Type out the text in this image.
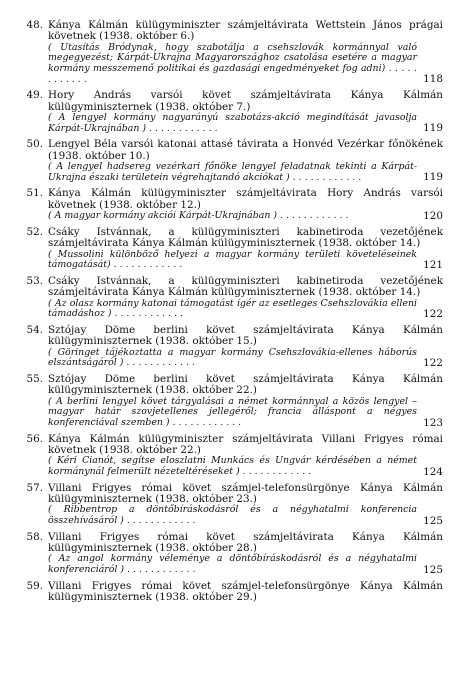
48. Kánya Kálmán külügyminiszter számjeltávirata Wettstein János prágai követnek (1938. október 6.)
( Utasítás Bródynak, hogy szabotálja a csehszlovák kormánnyal való megegyezést; Kárpát-Ukrajna Magyarországhoz csatolása esetére a magyar kormány messzemenő politikai és gazdasági engedményeket fog adni) . . . . . . . . . . . .	118
49. Hory András varsói követ számjeltávirata Kánya Kálmán külügyminiszternek (1938. október 7.)
( A lengyel kormány nagyarányú szabotázs-akció megindítását javasolja Kárpát-Ukrajnában ) . . . . . . . . . . . .	119
50. Lengyel Béla varsói katonai attasé távirata a Honvéd Vezérkar főnökének (1938. október 10.)
( A lengyel hadsereg vezérkari főnöke lengyel feladatnak tekinti a Kárpát-Ukrajna északi területein végrehajtandó akciókat ) . . . . . . . . . . . .	119
51. Kánya Kálmán külügyminiszter számjeltávirata Hory András varsói követnek (1938. október 12.)
( A magyar kormány akciói Kárpát-Ukrajnában ) . . . . . . . . . . . .	120
52. Csáky Istvánnak, a külügyminiszteri kabinetiroda vezetőjének számjeltávirata Kánya Kálmán külügyminiszternek (1938. október 14.)
( Mussolini különböző helyezi a magyar kormány területi követeléseinek támogatását) . . . . . . . . . . . .	121
53. Csáky Istvánnak, a külügyminiszteri kabinetiroda vezetőjének számjeltávirata Kánya Kálmán külügyminiszternek (1938. október 14.)
( Az olasz kormány katonai támogatást ígér az esetleges Csehszlovákia elleni támadáshoz ) . . . . . . . . . . . .	122
54. Sztójay Döme berlini követ számjeltávirata Kánya Kálmán külügyminiszternek (1938. október 15.)
( Göringet tájékoztatta a magyar kormány Csehszlovákia-ellenes háborús elszántságáról ) . . . . . . . . . . . .	122
55. Sztójay Döme berlini követ számjeltávirata Kánya Kálmán külügyminiszternek (1938. október 22.)
( A berlini lengyel követ tárgyalásai a német kormánnyal a közös lengyel – magyar határ szovjetellenes jellegéről; francia álláspont a négyes konferenciával szemben ) . . . . . . . . . . . .	123
56. Kánya Kálmán külügyminiszter számjeltávirata Villani Frigyes római követnek (1938. október 22.)
( Kéri Cianót, segítse eloszlatni Munkács és Ungvár kérdésében a német kormánynál felmerült nézeteltéréseket ) . . . . . . . . . . . .	124
57. Villani Frigyes római követ számjel-telefonsürgönye Kánya Kálmán külügyminiszternek (1938. október 23.)
( Ribbentrop a döntőbíráskodásról és a négyhatalmi konferencia összehívásáról ) . . . . . . . . . . . .	125
58. Villani Frigyes római követ számjeltávirata Kánya Kálmán külügyminiszternek (1938. október 28.)
( Az angol kormány véleménye a döntőbíráskodásról és a négyhatalmi konferenciáról ) . . . . . . . . . . . .	125
59. Villani Frigyes római követ számjel-telefonsürgönye Kánya Kálmán külügyminiszternek (1938. október 29.)
